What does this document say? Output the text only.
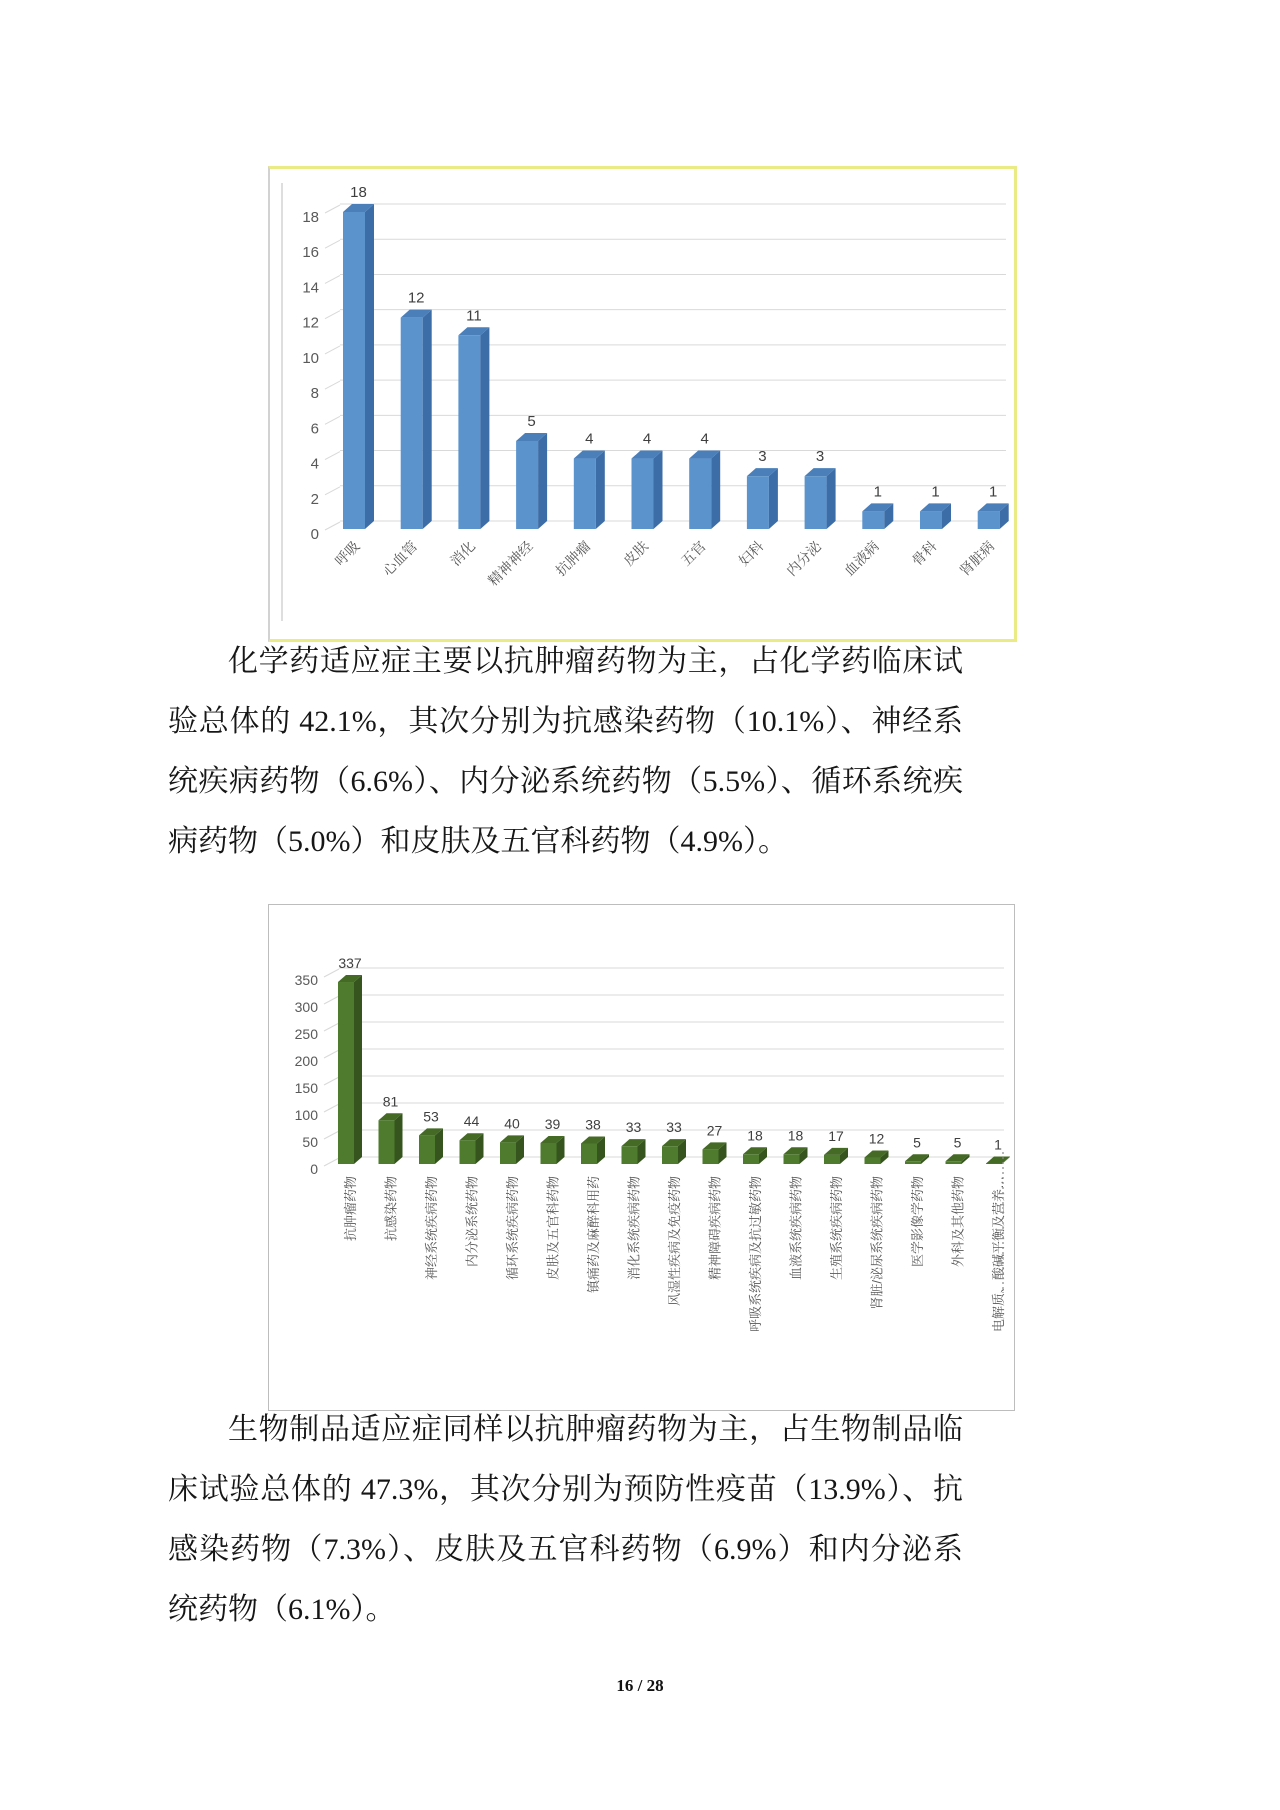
0
2
4
6
8
10
12
14
16
18
18
呼吸
12
心血管
11
消化
5
精神神经
4
抗肿瘤
4
皮肤
4
五官
3
妇科
3
内分泌
1
血液病
1
骨科
1
肾脏病

化学药适应症主要以抗肿瘤药物为主，占化学药临床试验总体的 42.1%，其次分别为抗感染药物（10.1%）、神经系统疾病药物（6.6%）、内分泌系统药物（5.5%）、循环系统疾病药物（5.0%）和皮肤及五官科药物（4.9%）。

0
50
100
150
200
250
300
350
337
抗肿瘤药物
81
抗感染药物
53
神经系统疾病药物
44
内分泌系统药物
40
循环系统疾病药物
39
皮肤及五官科药物
38
镇痛药及麻醉科用药
33
消化系统疾病药物
33
风湿性疾病及免疫药物
27
精神障碍疾病药物
18
呼吸系统疾病及抗过敏药物
18
血液系统疾病药物
17
生殖系统疾病药物
12
肾脏/泌尿系统疾病药物
5
医学影像学药物
5
外科及其他药物
1
电解质、酸碱平衡及营养…

生物制品适应症同样以抗肿瘤药物为主，占生物制品临床试验总体的 47.3%，其次分别为预防性疫苗（13.9%）、抗感染药物（7.3%）、皮肤及五官科药物（6.9%）和内分泌系统药物（6.1%）。

16 / 28
